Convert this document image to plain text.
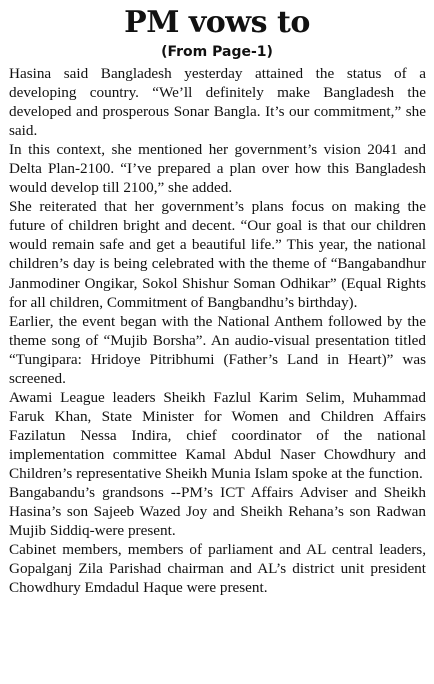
PM vows to
(From Page-1)

Hasina said Bangladesh yesterday attained the status of a developing country. “We’ll definitely make Bangladesh the developed and prosperous Sonar Bangla. It’s our commitment,” she said.

In this context, she mentioned her government’s vision 2041 and Delta Plan-2100. “I’ve prepared a plan over how this Bangladesh would develop till 2100,” she added.

She reiterated that her government’s plans focus on making the future of children bright and decent. “Our goal is that our children would remain safe and get a beautiful life.” This year, the national children’s day is being celebrated with the theme of “Bangabandhur Janmodiner Ongikar, Sokol Shishur Soman Odhikar” (Equal Rights for all children, Commitment of Bangbandhu’s birthday).

Earlier, the event began with the National Anthem followed by the theme song of “Mujib Borsha”. An audio-visual presentation titled “Tungipara: Hridoye Pitribhumi (Father’s Land in Heart)” was screened.

Awami League leaders Sheikh Fazlul Karim Selim, Muhammad Faruk Khan, State Minister for Women and Children Affairs Fazilatun Nessa Indira, chief coordinator of the national implementation committee Kamal Abdul Naser Chowdhury and Children’s representative Sheikh Munia Islam spoke at the function.

Bangabandu’s grandsons --PM’s ICT Affairs Adviser and Sheikh Hasina’s son Sajeeb Wazed Joy and Sheikh Rehana’s son Radwan Mujib Siddiq-were present.

Cabinet members, members of parliament and AL central leaders, Gopalganj Zila Parishad chairman and AL’s district unit president Chowdhury Emdadul Haque were present.
